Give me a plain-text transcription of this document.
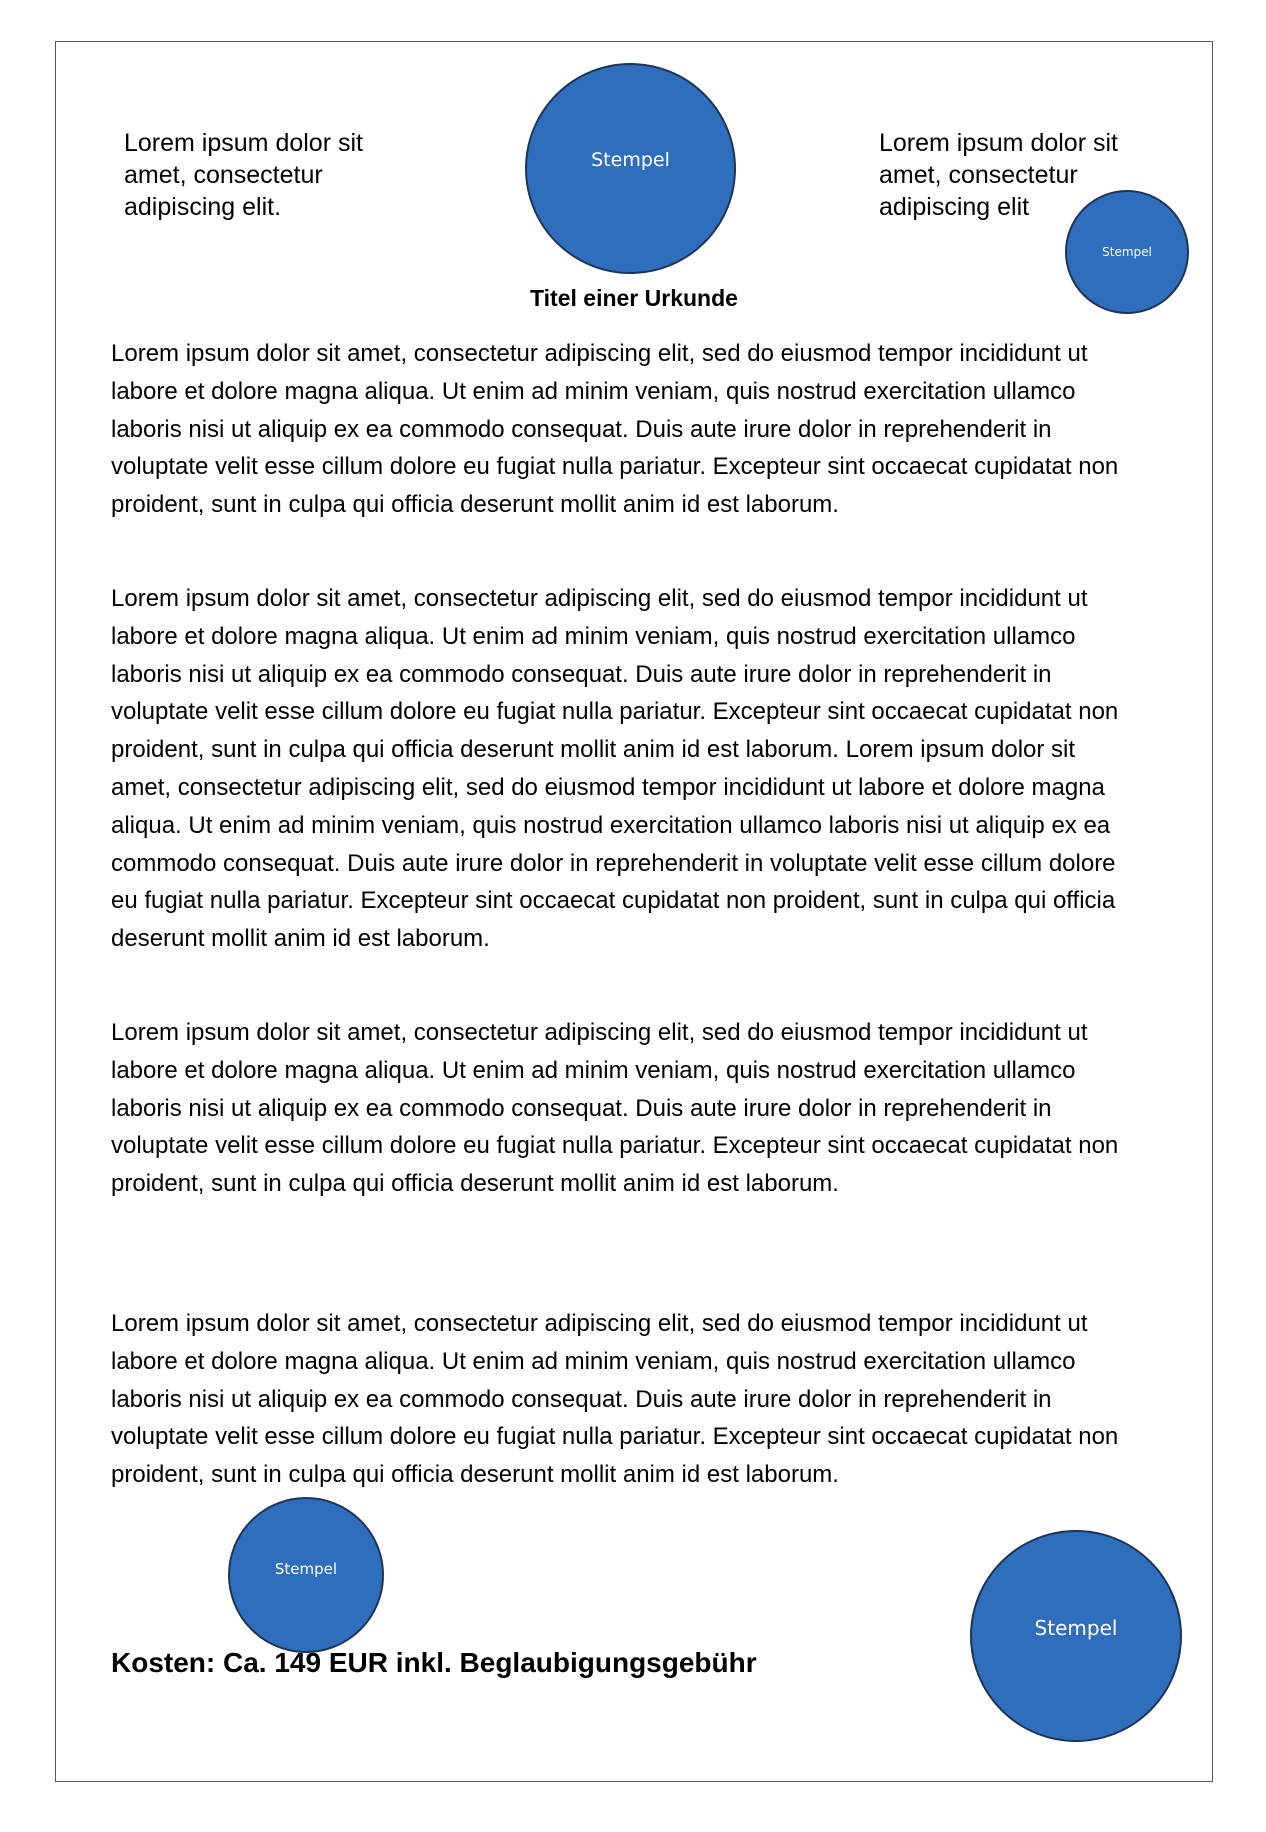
Lorem ipsum dolor sit amet, consectetur adipiscing elit.
Stempel
Lorem ipsum dolor sit amet, consectetur adipiscing elit
Stempel
Titel einer Urkunde

Lorem ipsum dolor sit amet, consectetur adipiscing elit, sed do eiusmod tempor incididunt ut labore et dolore magna aliqua. Ut enim ad minim veniam, quis nostrud exercitation ullamco laboris nisi ut aliquip ex ea commodo consequat. Duis aute irure dolor in reprehenderit in voluptate velit esse cillum dolore eu fugiat nulla pariatur. Excepteur sint occaecat cupidatat non proident, sunt in culpa qui officia deserunt mollit anim id est laborum.

Lorem ipsum dolor sit amet, consectetur adipiscing elit, sed do eiusmod tempor incididunt ut labore et dolore magna aliqua. Ut enim ad minim veniam, quis nostrud exercitation ullamco laboris nisi ut aliquip ex ea commodo consequat. Duis aute irure dolor in reprehenderit in voluptate velit esse cillum dolore eu fugiat nulla pariatur. Excepteur sint occaecat cupidatat non proident, sunt in culpa qui officia deserunt mollit anim id est laborum. Lorem ipsum dolor sit amet, consectetur adipiscing elit, sed do eiusmod tempor incididunt ut labore et dolore magna aliqua. Ut enim ad minim veniam, quis nostrud exercitation ullamco laboris nisi ut aliquip ex ea commodo consequat. Duis aute irure dolor in reprehenderit in voluptate velit esse cillum dolore eu fugiat nulla pariatur. Excepteur sint occaecat cupidatat non proident, sunt in culpa qui officia deserunt mollit anim id est laborum.

Lorem ipsum dolor sit amet, consectetur adipiscing elit, sed do eiusmod tempor incididunt ut labore et dolore magna aliqua. Ut enim ad minim veniam, quis nostrud exercitation ullamco laboris nisi ut aliquip ex ea commodo consequat. Duis aute irure dolor in reprehenderit in voluptate velit esse cillum dolore eu fugiat nulla pariatur. Excepteur sint occaecat cupidatat non proident, sunt in culpa qui officia deserunt mollit anim id est laborum.

Lorem ipsum dolor sit amet, consectetur adipiscing elit, sed do eiusmod tempor incididunt ut labore et dolore magna aliqua. Ut enim ad minim veniam, quis nostrud exercitation ullamco laboris nisi ut aliquip ex ea commodo consequat. Duis aute irure dolor in reprehenderit in voluptate velit esse cillum dolore eu fugiat nulla pariatur. Excepteur sint occaecat cupidatat non proident, sunt in culpa qui officia deserunt mollit anim id est laborum.

Stempel
Kosten: Ca. 149 EUR inkl. Beglaubigungsgebühr
Stempel
